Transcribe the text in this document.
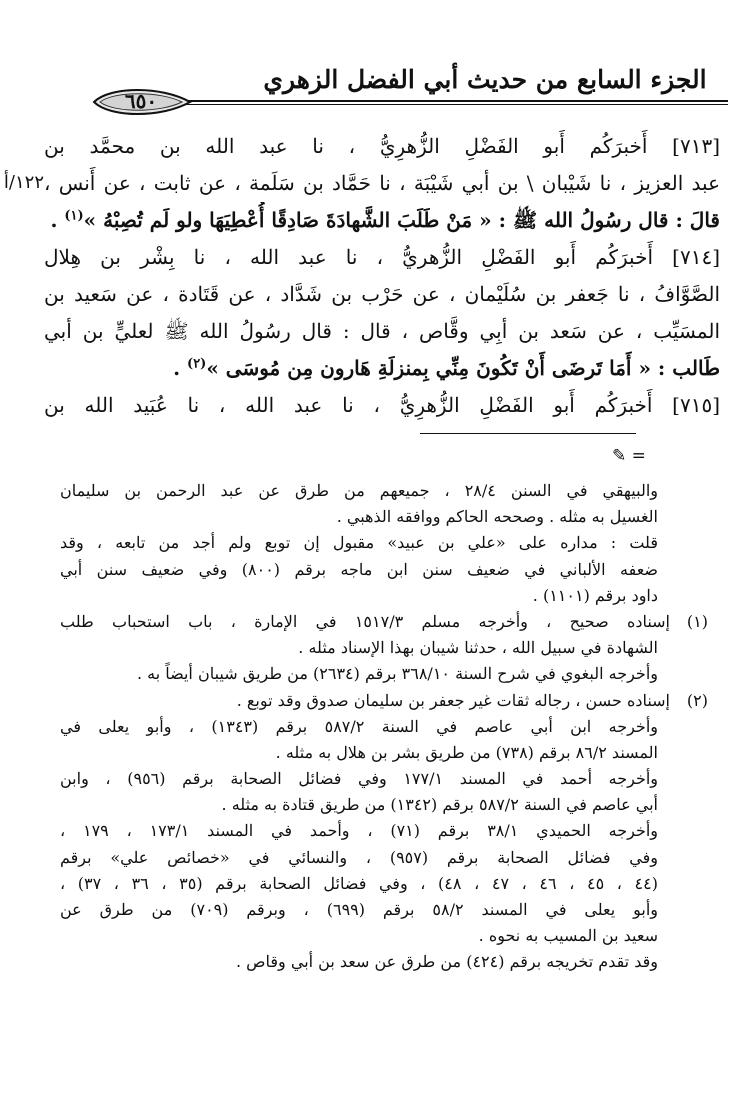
الجزء السابع من حديث أبي الفضل الزهري
٦٥٠
١٢٢/أ
[٧١٣] أَخبرَكُم أَبو الفَضْلِ الزُّهرِيُّ ، نا عبد الله بن محمَّد بن
عبد العزيز ، نا شَيْبان \ بن أبي شَيْبَة ، نا حَمَّاد بن سَلَمة ، عن ثابت ، عن أَنس ،
قالَ : قال رسُولُ الله ﷺ : « مَنْ طَلَبَ الشَّهادَةَ صَادِقًا أُعْطِيَهَا ولو لَم تُصِبْهُ »$^{(١)}$ .
[٧١٤] أَخبرَكُم أَبو الفَضْلِ الزُّهريُّ ، نا عبد الله ، نا بِشْر بن هِلال
الصَّوَّافُ ، نا جَعفر بن سُلَيْمان ، عن حَرْب بن شَدَّاد ، عن قَتَادة ، عن سَعيد بن
المسَيِّب ، عن سَعد بن أبِي وقَّاص ، قال : قال رسُولُ الله ﷺ لعليٍّ بن أبي
طَالب : « أَمَا تَرضَى أَنْ تَكُونَ مِنِّي بِمنزلَةِ هَارون مِن مُوسَى »$^{(٢)}$ .
[٧١٥] أَخبرَكُم أَبو الفَضْلِ الزُّهرِيُّ ، نا عبد الله ، نا عُبَيد الله بن
= ✎
والبيهقي في السنن ٢٨/٤ ، جميعهم من طرق عن عبد الرحمن بن سليمان
الغسيل به مثله . وصححه الحاكم ووافقه الذهبي .
قلت : مداره على «علي بن عبيد» مقبول إن توبع ولم أجد من تابعه ، وقد
ضعفه الألباني في ضعيف سنن ابن ماجه برقم (٨٠٠) وفي ضعيف سنن أبي
داود برقم (١١٠١) .
(١)إسناده صحيح ، وأخرجه مسلم ١٥١٧/٣ في الإمارة ، باب استحباب طلب
الشهادة في سبيل الله ، حدثنا شيبان بهذا الإسناد مثله .
وأخرجه البغوي في شرح السنة ٣٦٨/١٠ برقم (٢٦٣٤) من طريق شيبان أيضاً به .
(٢)إسناده حسن ، رجاله ثقات غير جعفر بن سليمان صدوق وقد توبع .
وأخرجه ابن أبي عاصم في السنة ٥٨٧/٢ برقم (١٣٤٣) ، وأبو يعلى في
المسند ٨٦/٢ برقم (٧٣٨) من طريق بشر بن هلال به مثله .
وأخرجه أحمد في المسند ١٧٧/١ وفي فضائل الصحابة برقم (٩٥٦) ، وابن
أبي عاصم في السنة ٥٨٧/٢ برقم (١٣٤٢) من طريق قتادة به مثله .
وأخرجه الحميدي ٣٨/١ برقم (٧١) ، وأحمد في المسند ١٧٣/١ ، ١٧٩ ،
وفي فضائل الصحابة برقم (٩٥٧) ، والنسائي في «خصائص علي» برقم
(٤٤ ، ٤٥ ، ٤٦ ، ٤٧ ، ٤٨) ، وفي فضائل الصحابة برقم (٣٥ ، ٣٦ ، ٣٧) ،
وأبو يعلى في المسند ٥٨/٢ برقم (٦٩٩) ، وبرقم (٧٠٩) من طرق عن
سعيد بن المسيب به نحوه .
وقد تقدم تخريجه برقم (٤٢٤) من طرق عن سعد بن أبي وقاص .
